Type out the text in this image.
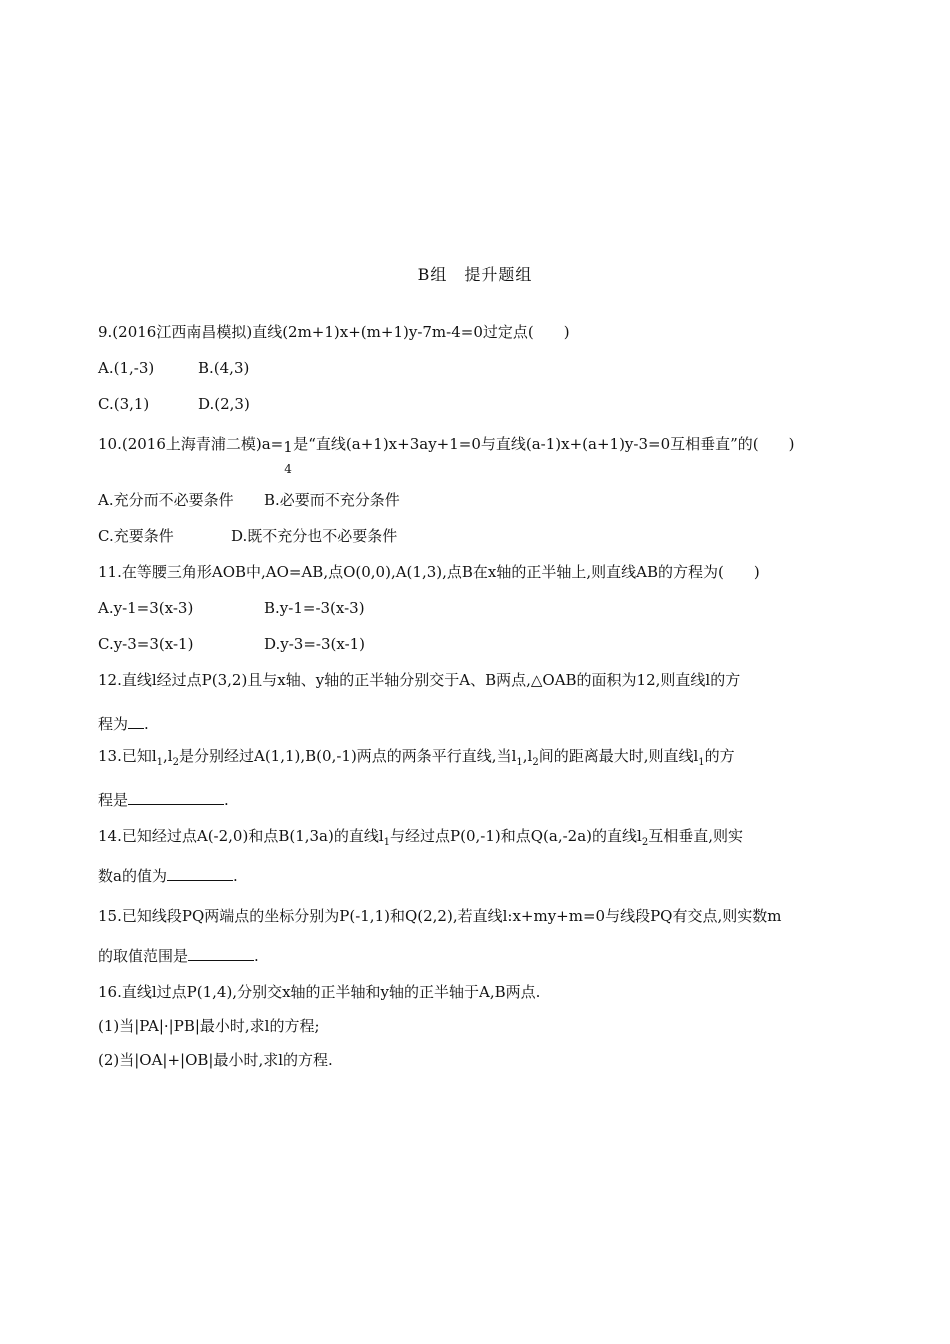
B组　提升题组
9.(2016江西南昌模拟)直线(2m+1)x+(m+1)y-7m-4=0过定点(　　)
A.(1,-3)	B.(4,3)
C.(3,1)	D.(2,3)
10.(2016上海青浦二模)a= 1
4
是“直线(a+1)x+3ay+1=0与直线(a-1)x+(a+1)y-3=0互相垂直”的(　　)
A.充分而不必要条件 B.必要而不充分条件
C.充要条件	D.既不充分也不必要条件
11.在等腰三角形AOB中,AO=AB,点O(0,0),A(1,3),点B在x轴的正半轴上,则直线AB的方程为(　　)
A.y-1=3(x-3)	B.y-1=-3(x-3)
C.y-3=3(x-1)	D.y-3=-3(x-1)
12.直线l经过点P(3,2)且与x轴、y轴的正半轴分别交于A、B两点,△OAB的面积为12,则直线l的方
程为 .
13.已知$l_1,l_2$是分别经过A(1,1),B(0,-1)两点的两条平行直线,当$l_1,l_2$间的距离最大时,则直线$l_1$的方
程是	.
14.已知经过点A(-2,0)和点B(1,3a)的直线$l_1$与经过点P(0,-1)和点Q(a,-2a)的直线$l_2$互相垂直,则实
数a的值为	.
15.已知线段PQ两端点的坐标分别为P(-1,1)和Q(2,2),若直线l:x+my+m=0与线段PQ有交点,则实数m
的取值范围是	.
16.直线l过点P(1,4),分别交x轴的正半轴和y轴的正半轴于A,B两点.
(1)当|PA|·|PB|最小时,求l的方程;
(2)当|OA|+|OB|最小时,求l的方程.
